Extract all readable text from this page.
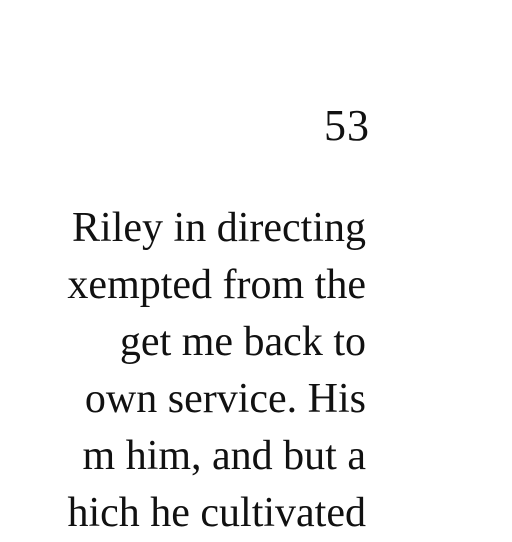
53
Riley in directing
xempted from the
get me back to
own service. His
m him, and but a
hich he cultivated
